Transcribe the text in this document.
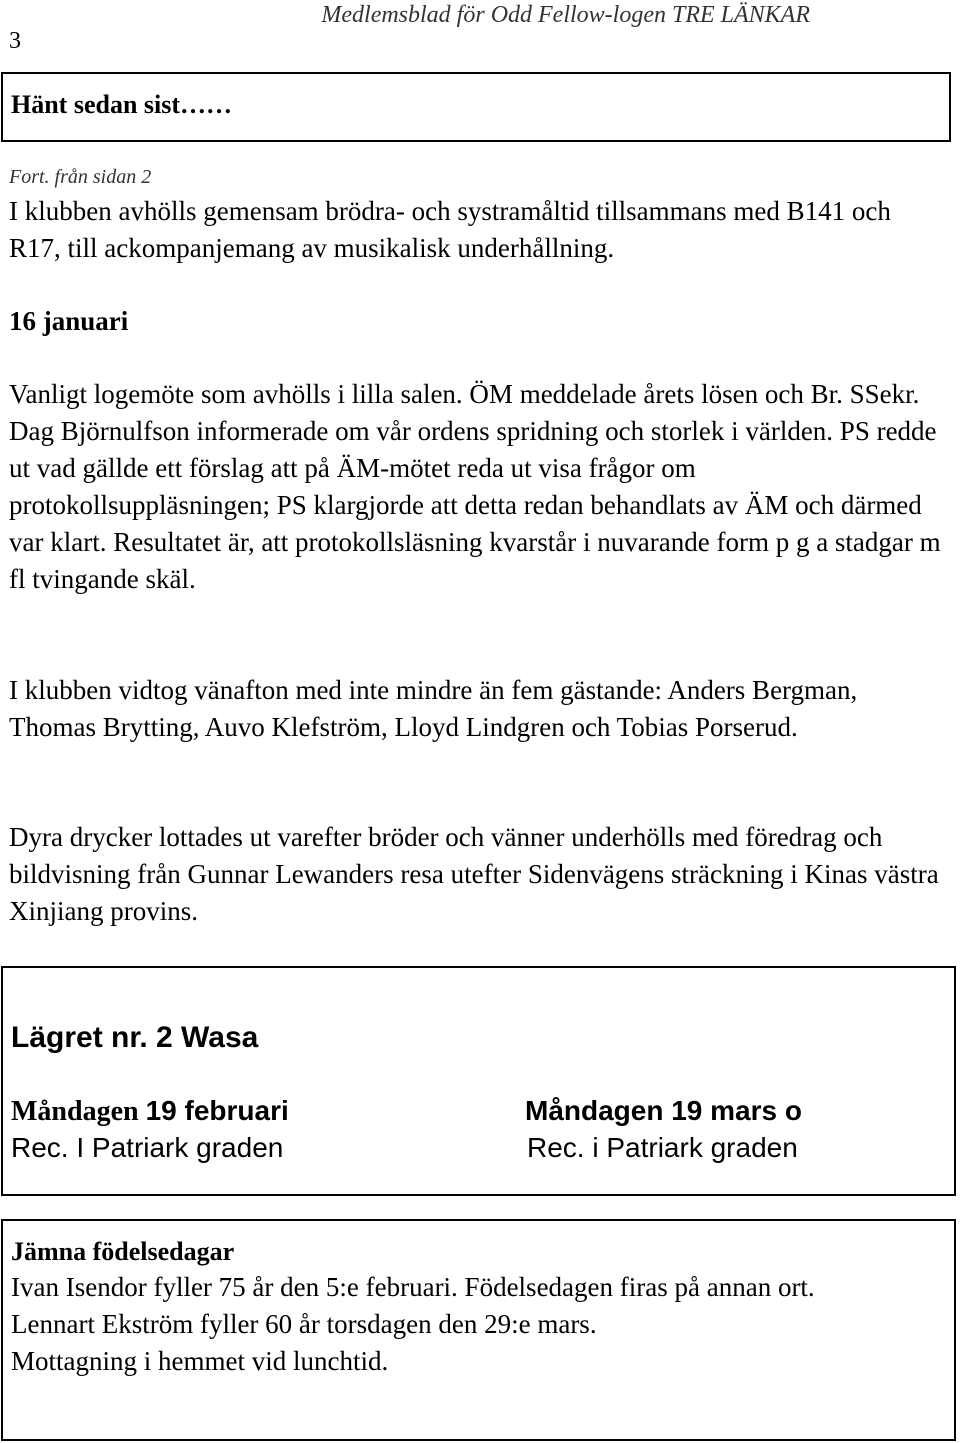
3
Medlemsblad för Odd Fellow-logen TRE LÄNKAR
Hänt sedan sist……
Fort. från sidan 2
I klubben avhölls gemensam brödra- och systramåltid tillsammans med B141 och R17, till ackompanjemang av musikalisk underhållning.
16 januari
Vanligt logemöte som avhölls i lilla salen. ÖM meddelade årets lösen och Br. SSekr. Dag Björnulfson informerade om vår ordens spridning och storlek i världen. PS redde ut vad gällde ett förslag att på ÄM-mötet reda ut visa frågor om protokollsuppläsningen; PS klargjorde att detta redan behandlats av ÄM och därmed var klart. Resultatet är, att protokollsläsning kvarstår i nuvarande form p g a stadgar m fl tvingande skäl.
I klubben vidtog vänafton med inte mindre än fem gästande: Anders Bergman, Thomas Brytting, Auvo Klefström, Lloyd Lindgren och Tobias Porserud.
Dyra drycker lottades ut varefter bröder och vänner underhölls med föredrag och bildvisning från Gunnar Lewanders resa utefter Sidenvägens sträckning i Kinas västra Xinjiang provins.
Lägret nr. 2 Wasa
Måndagen 19 februari
Rec. I Patriark graden
Måndagen 19 mars o
Rec. i Patriark graden
Jämna födelsedagar
Ivan Isendor fyller 75 år den 5:e februari. Födelsedagen firas på annan ort.
Lennart Ekström fyller 60 år torsdagen den 29:e mars.
Mottagning i hemmet vid lunchtid.
